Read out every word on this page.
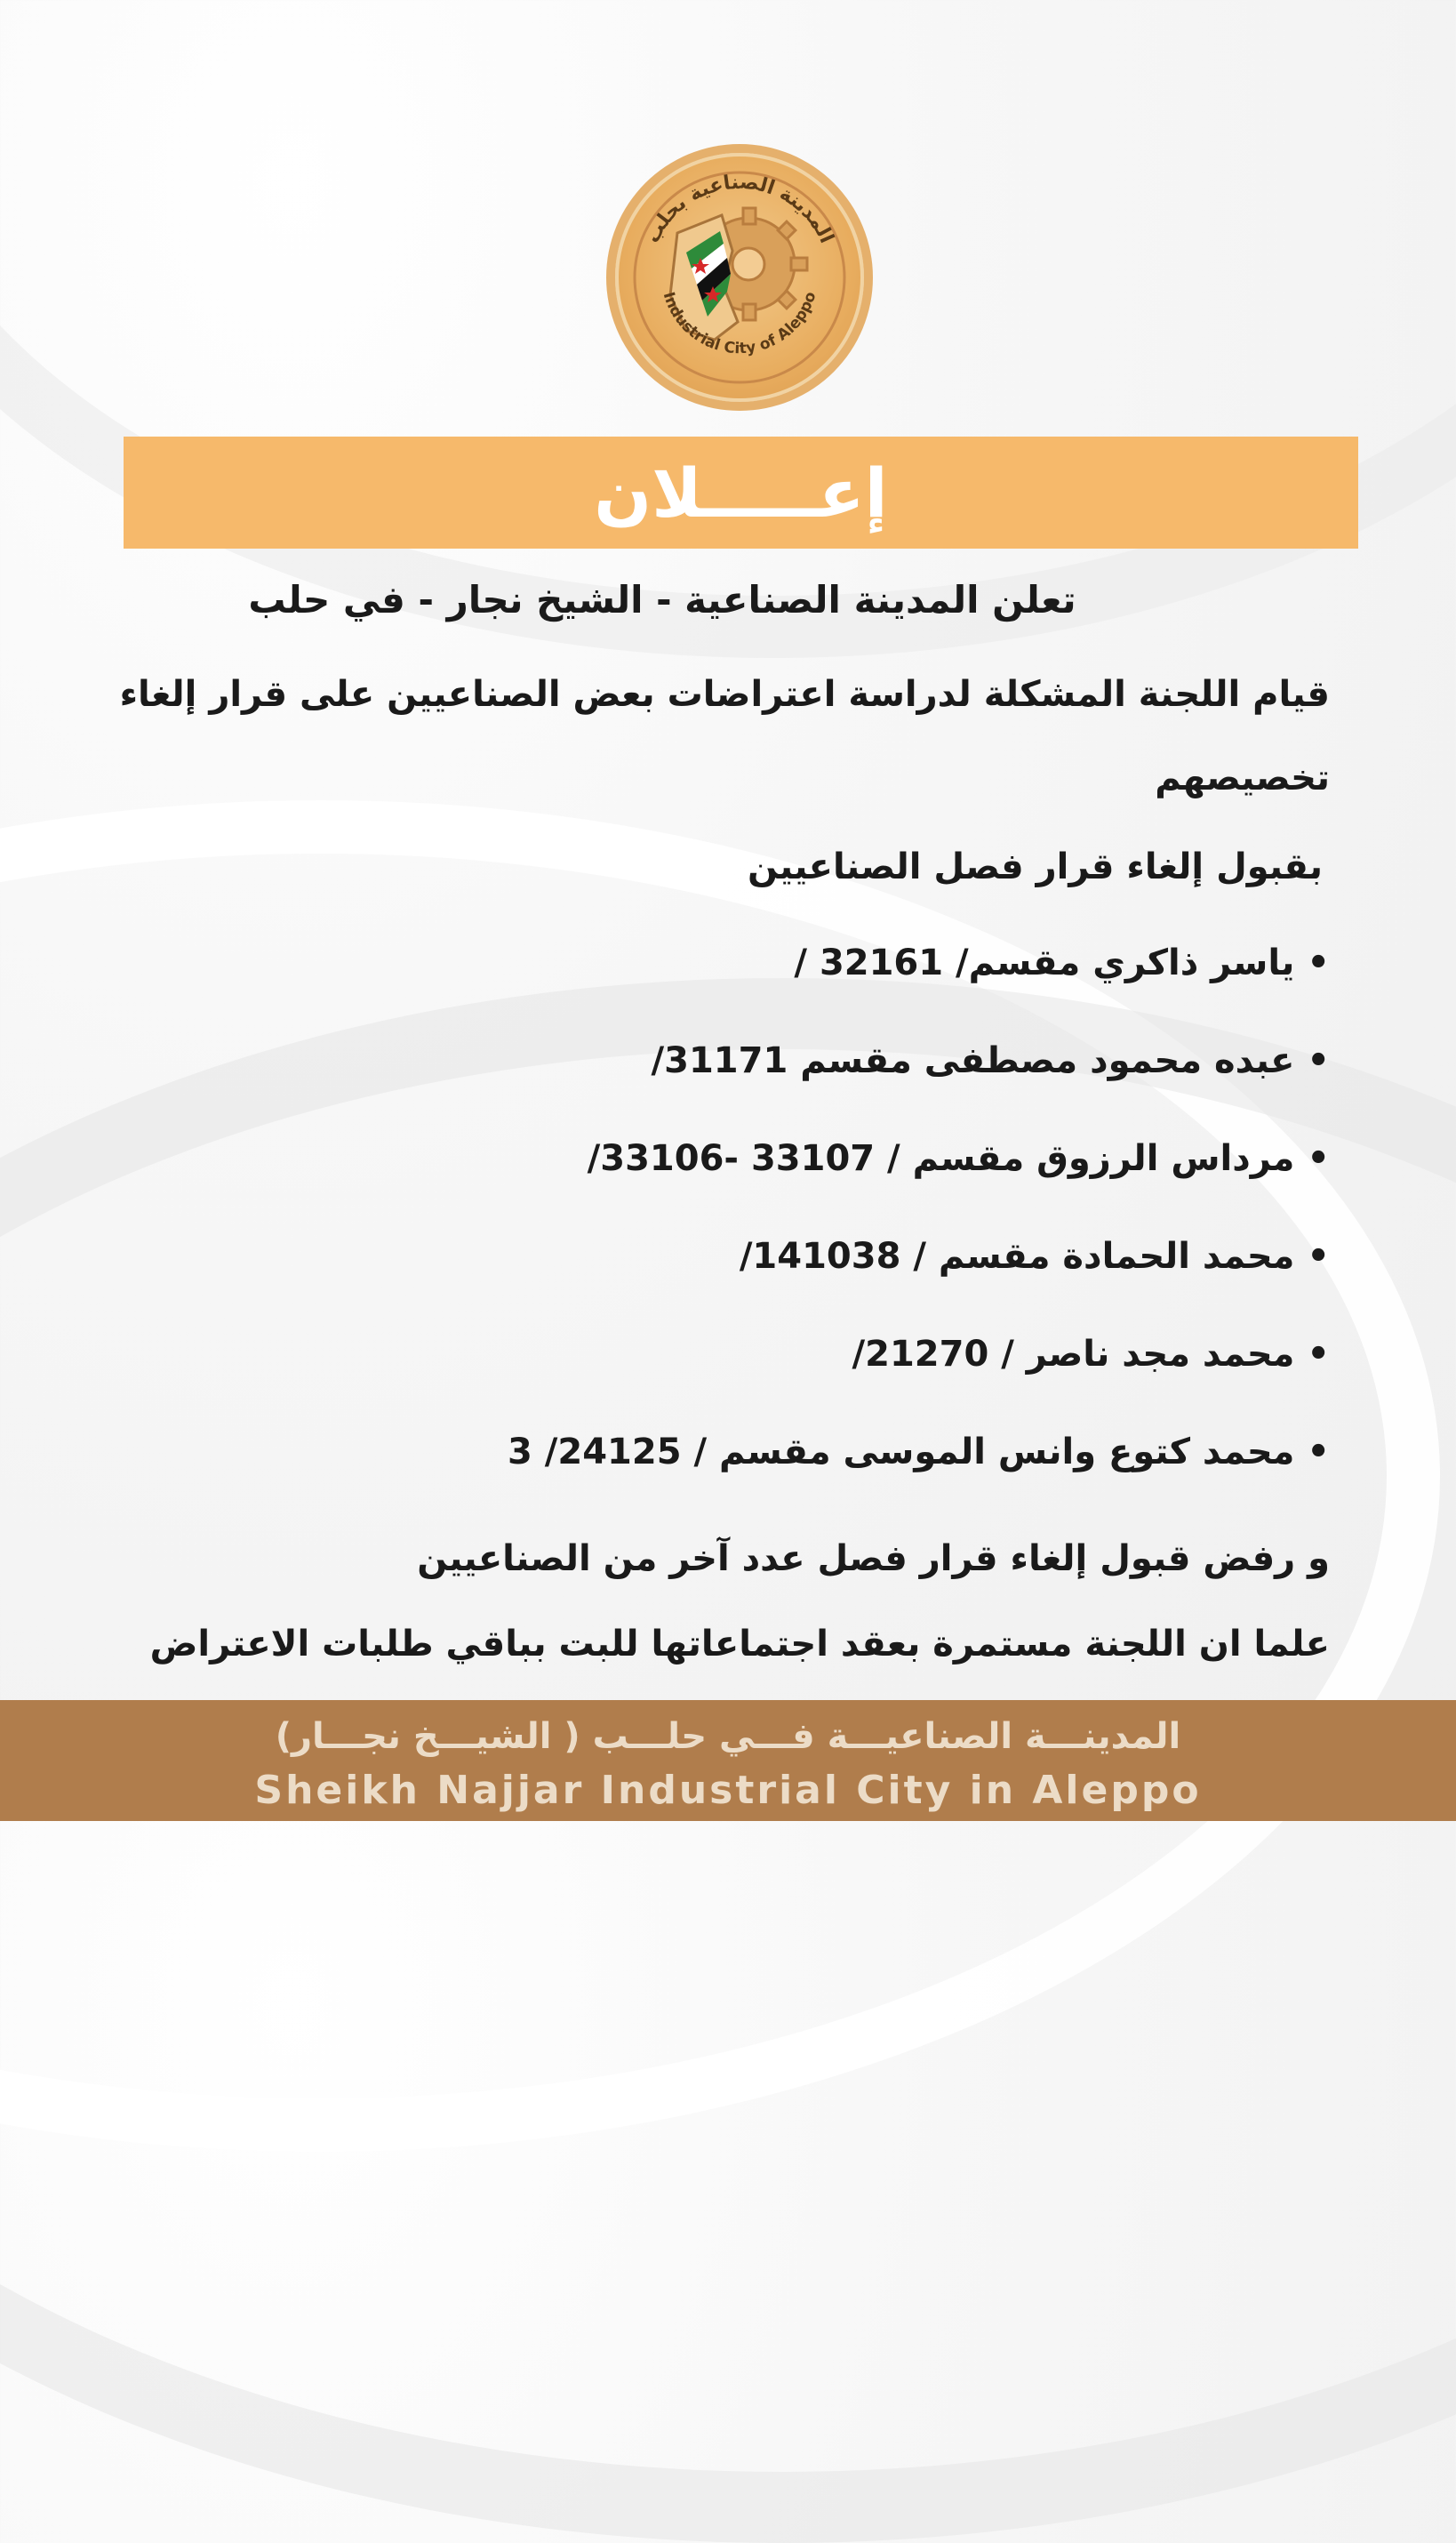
المدينة الصناعية بحلب
Industrial City of Aleppo
إعـــــلان
تعلن المدينة الصناعية - الشيخ نجار - في حلب
قيام اللجنة المشكلة لدراسة اعتراضات بعض الصناعيين على قرار إلغاء
تخصيصهم
بقبول إلغاء قرار فصل الصناعيين
•ياسر ذاكري مقسم/ 32161 /
•عبده محمود مصطفى مقسم 31171/
•مرداس الرزوق مقسم / 33107 -33106/
•محمد الحمادة مقسم / 141038/
•محمد مجد ناصر / 21270/
•محمد كتوع وانس الموسى مقسم / 24125/ 3
و رفض قبول إلغاء قرار فصل عدد آخر من الصناعيين
علما ان اللجنة مستمرة بعقد اجتماعاتها للبت بباقي طلبات الاعتراض
المدينـــة الصناعيـــة فـــي حلـــب ( الشيـــخ نجـــار)
Sheikh Najjar Industrial City in Aleppo
